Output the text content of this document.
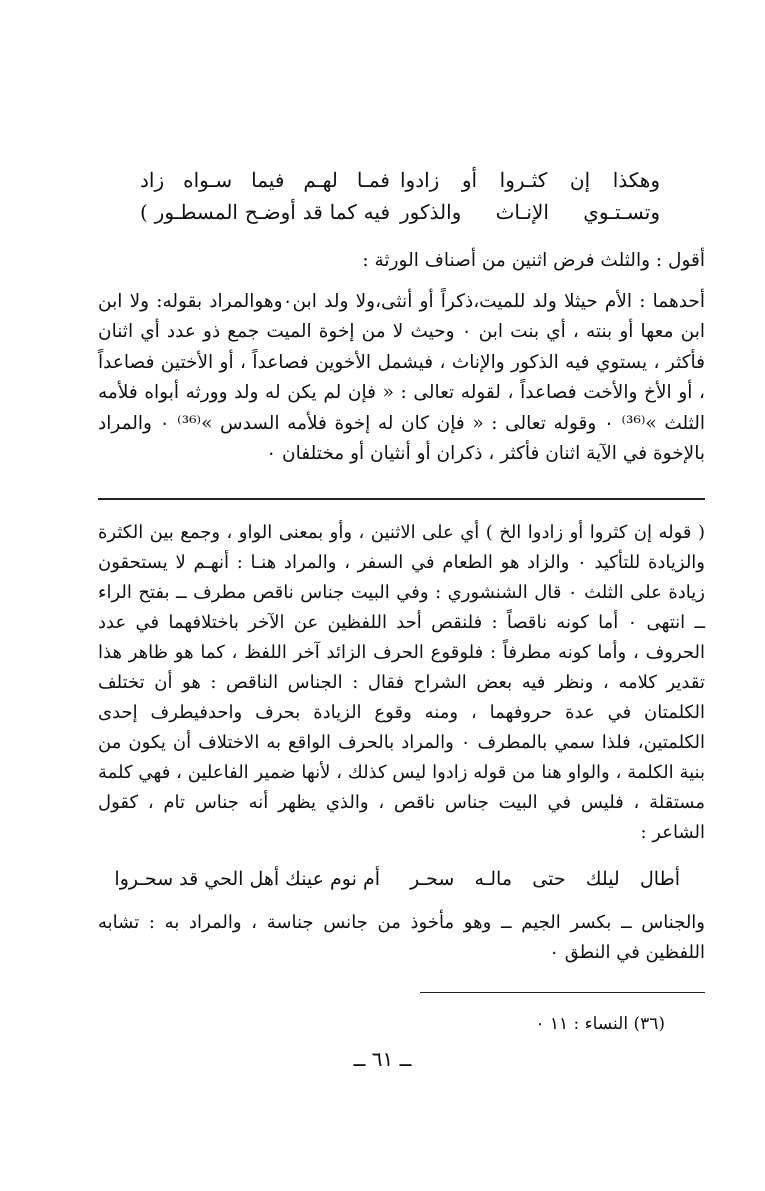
وهكذا إن كثـروا أو زادوا
فمـا لهـم فيما سـواه زاد
وتسـتـوي الإنـاث والذكور
فيه كما قد أوضـح المسطـور )

أقول : والثلث فرض اثنين من أصناف الورثة :

أحدهما : الأم حيثلا ولد للميت،ذكراً أو أنثى،ولا ولد ابن٠وهوالمراد بقوله: ولا ابن ابن معها أو بنته ، أي بنت ابن ٠ وحيث لا من إخوة الميت جمع ذو عدد أي اثنان فأكثر ، يستوي فيه الذكور والإناث ، فيشمل الأخوين فصاعداً ، أو الأختين فصاعداً ، أو الأخ والأخت فصاعداً ، لقوله تعالى : « فإن لم يكن له ولد وورثه أبواه فلأمه الثلث »⁽³⁶⁾ ٠ وقوله تعالى : « فإن كان له إخوة فلأمه السدس »⁽³⁶⁾ ٠ والمراد بالإخوة في الآية اثنان فأكثر ، ذكران أو أنثيان أو مختلفان ٠

( قوله إن كثروا أو زادوا الخ ) أي على الاثنين ، وأو بمعنى الواو ، وجمع بين الكثرة والزيادة للتأكيد ٠ والزاد هو الطعام في السفر ، والمراد هنـا : أنهـم لا يستحقون زيادة على الثلث ٠ قال الشنشوري : وفي البيت جناس ناقص مطرف ــ بفتح الراء ــ انتهى ٠ أما كونه ناقصاً : فلنقص أحد اللفظين عن الآخر باختلافهما في عدد الحروف ، وأما كونه مطرفاً : فلوقوع الحرف الزائد آخر اللفظ ، كما هو ظاهر هذا تقدير كلامه ، ونظر فيه بعض الشراح فقال : الجناس الناقص : هو أن تختلف الكلمتان في عدة حروفهما ، ومنه وقوع الزيادة بحرف واحدفيطرف إحدى الكلمتين، فلذا سمي بالمطرف ٠ والمراد بالحرف الواقع به الاختلاف أن يكون من بنية الكلمة ، والواو هنا من قوله زادوا ليس كذلك ، لأنها ضمير الفاعلين ، فهي كلمة مستقلة ، فليس في البيت جناس ناقص ، والذي يظهر أنه جناس تام ، كقول الشاعر :

أطال ليلك حتى مالـه سحـر
أم نوم عينك أهل الحي قد سحـروا

والجناس ــ بكسر الجيم ــ وهو مأخوذ من جانس جناسة ، والمراد به : تشابه اللفظين في النطق ٠

(٣٦) النساء : ١١ ٠
ــ ٦١ ــ
